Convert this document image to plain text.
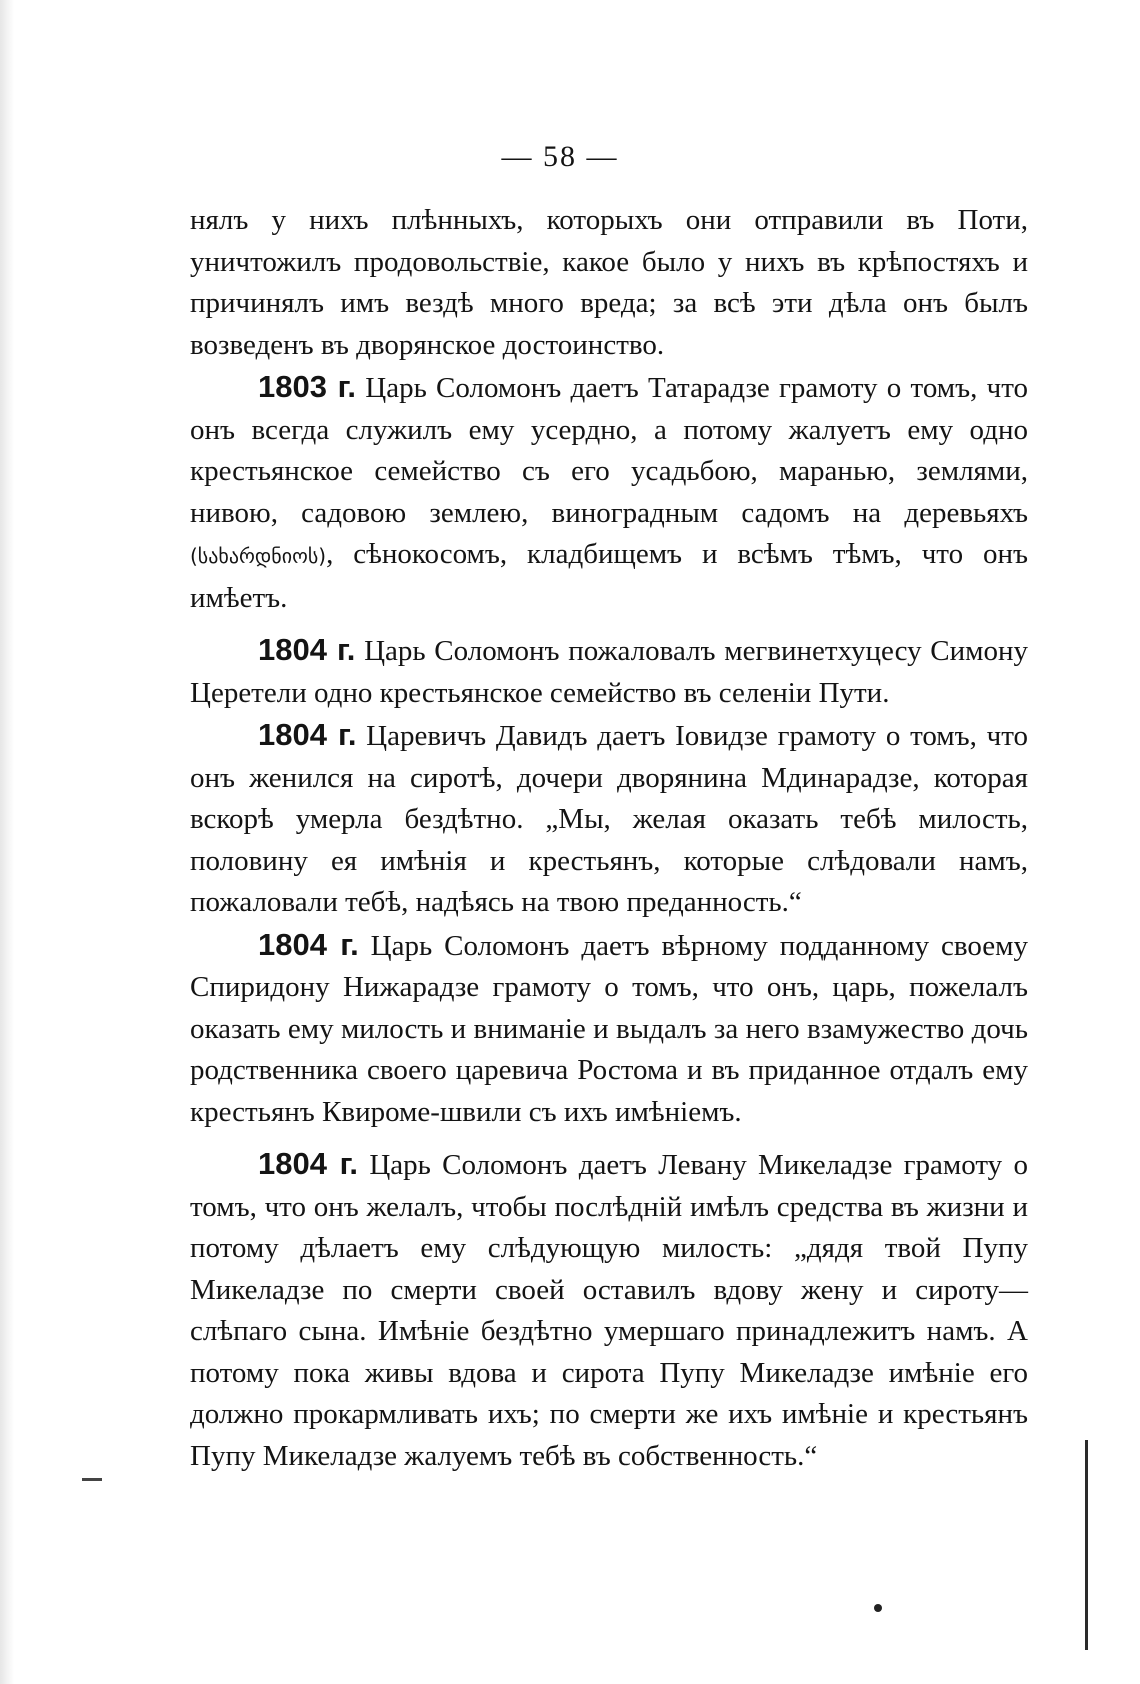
— 58 —

нялъ у нихъ плѣнныхъ, которыхъ они отправили въ Поти, уничтожилъ продовольствіе, какое было у нихъ въ крѣпостяхъ и причинялъ имъ вездѣ много вреда; за всѣ эти дѣла онъ былъ возведенъ въ дворянское достоинство.

1803 г. Царь Соломонъ даетъ Татарадзе грамоту о томъ, что онъ всегда служилъ ему усердно, а потому жалуетъ ему одно крестьянское семейство съ его усадьбою, маранью, землями, нивою, садовою землею, виноградным садомъ на деревьяхъ (სახარდნიოს), сѣнокосомъ, кладбищемъ и всѣмъ тѣмъ, что онъ имѣетъ.

1804 г. Царь Соломонъ пожаловалъ мегвинетхуцесу Симону Церетели одно крестьянское семейство въ селеніи Пути.

1804 г. Царевичъ Давидъ даетъ Іовидзе грамоту о томъ, что онъ женился на сиротѣ, дочери дворянина Мдинарадзе, которая вскорѣ умерла бездѣтно. „Мы, желая оказать тебѣ милость, половину ея имѣнія и крестьянъ, которые слѣдовали намъ, пожаловали тебѣ, надѣясь на твою преданность.“

1804 г. Царь Соломонъ даетъ вѣрному подданному своему Спиридону Нижарадзе грамоту о томъ, что онъ, царь, пожелалъ оказать ему милость и вниманіе и выдалъ за него взамужество дочь родственника своего царевича Ростома и въ приданное отдалъ ему крестьянъ Квироме-швили съ ихъ имѣніемъ.

1804 г. Царь Соломонъ даетъ Левану Микеладзе грамоту о томъ, что онъ желалъ, чтобы послѣдній имѣлъ средства въ жизни и потому дѣлаетъ ему слѣдующую милость: „дядя твой Пупу Микеладзе по смерти своей оставилъ вдову жену и сироту—слѣпаго сына. Имѣніе бездѣтно умершаго принадлежитъ намъ. А потому пока живы вдова и сирота Пупу Микеладзе имѣніе его должно прокармливать ихъ; по смерти же ихъ имѣніе и крестьянъ Пупу Микеладзе жалуемъ тебѣ въ собственность.“
